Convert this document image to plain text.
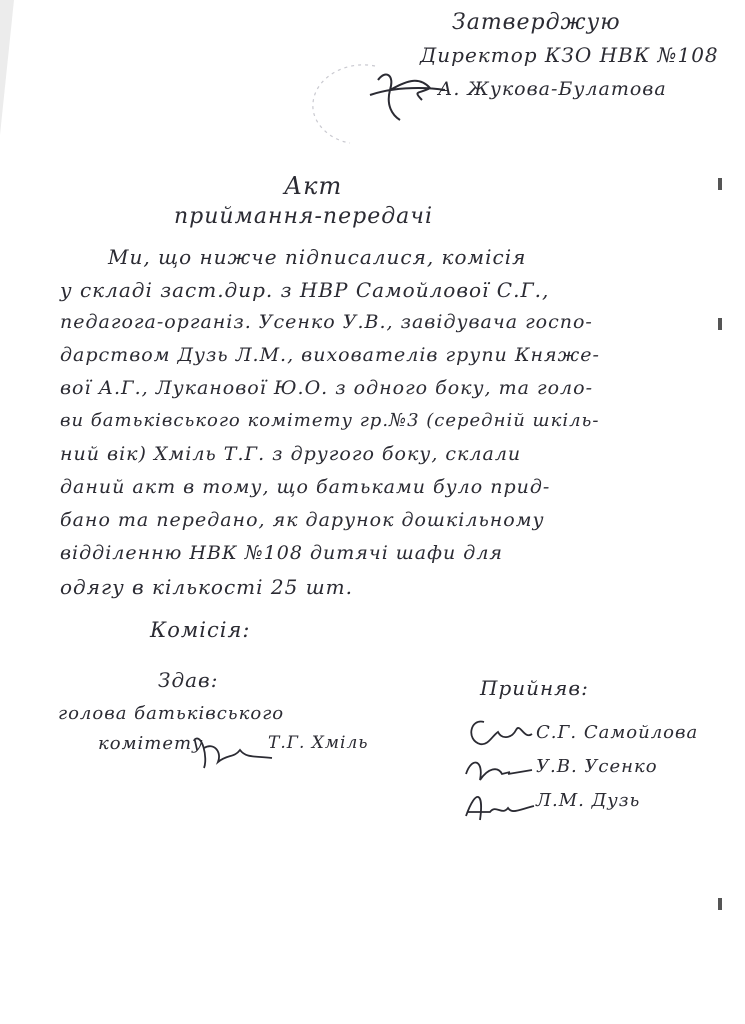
Затверджую
Директор КЗО НВК №108
А. Жукова-Булатова
Акт
приймання-передачі
Ми, що нижче підписалися, комісія
у складі заст.дир. з НВР Самойлової С.Г.,
педагога-організ. Усенко У.В., завідувача госпо-
дарством Дузь Л.М., вихователів групи Княже-
вої А.Г., Луканової Ю.О. з одного боку, та голо-
ви батьківського комітету гр.№3 (середній шкіль-
ний вік) Хміль Т.Г. з другого боку, склали
даний акт в тому, що батьками було прид-
бано та передано, як дарунок дошкільному
відділенню НВК №108 дитячі шафи для
одягу в кількості 25 шт.
Комісія:
Здав:
голова батьківського
комітету	Т.Г. Хміль
Прийняв:
С.Г. Самойлова
У.В. Усенко
Л.М. Дузь
